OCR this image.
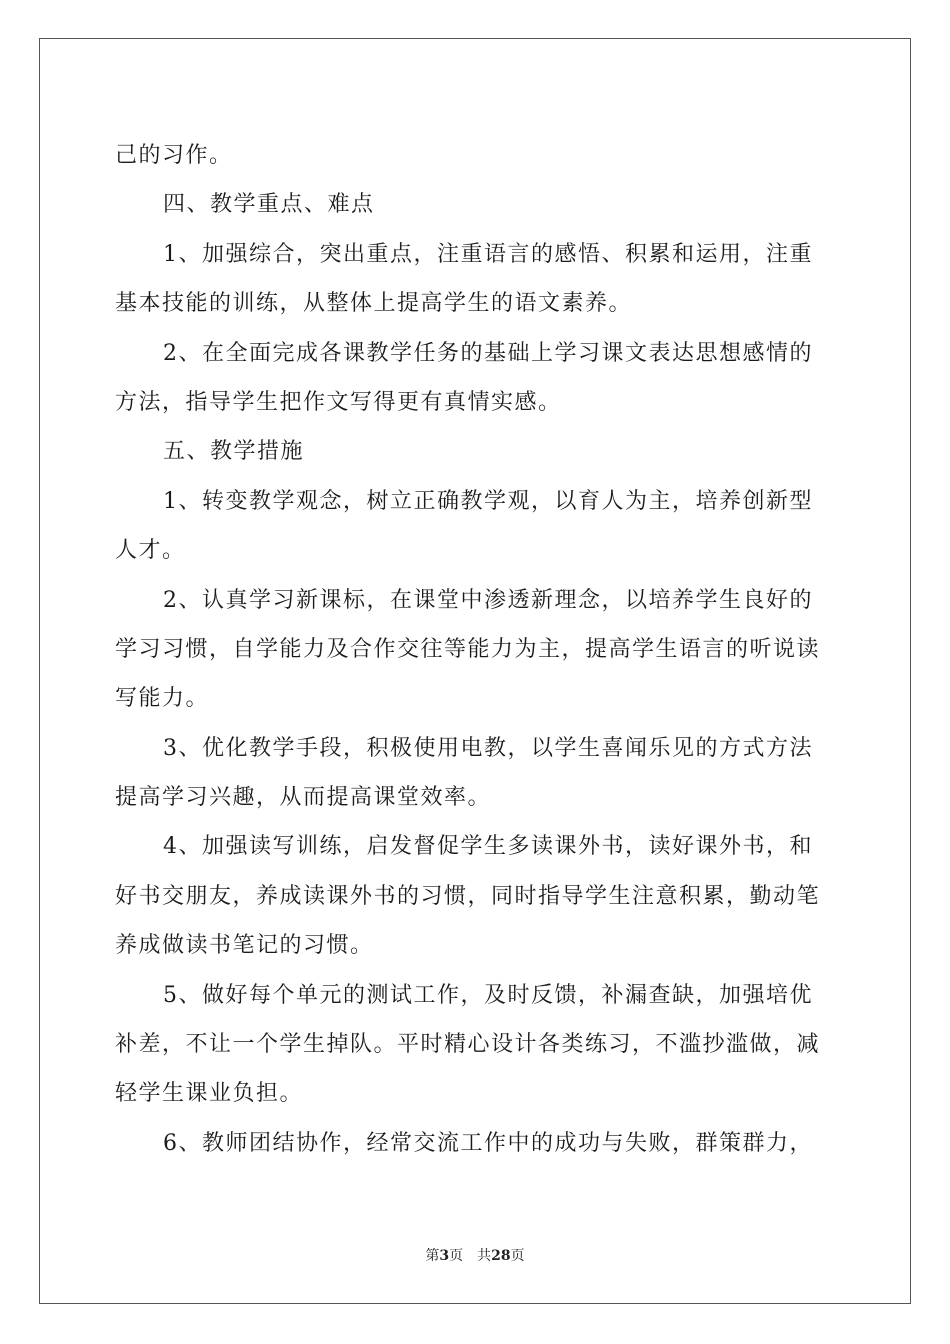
己的习作。
四、教学重点、难点
1、加强综合，突出重点，注重语言的感悟、积累和运用，注重
基本技能的训练，从整体上提高学生的语文素养。
2、在全面完成各课教学任务的基础上学习课文表达思想感情的
方法，指导学生把作文写得更有真情实感。
五、教学措施
1、转变教学观念，树立正确教学观，以育人为主，培养创新型
人才。
2、认真学习新课标，在课堂中渗透新理念，以培养学生良好的
学习习惯，自学能力及合作交往等能力为主，提高学生语言的听说读
写能力。
3、优化教学手段，积极使用电教，以学生喜闻乐见的方式方法
提高学习兴趣，从而提高课堂效率。
4、加强读写训练，启发督促学生多读课外书，读好课外书，和
好书交朋友，养成读课外书的习惯，同时指导学生注意积累，勤动笔
养成做读书笔记的习惯。
5、做好每个单元的测试工作，及时反馈，补漏查缺，加强培优
补差，不让一个学生掉队。平时精心设计各类练习，不滥抄滥做，减
轻学生课业负担。
6、教师团结协作，经常交流工作中的成功与失败，群策群力，
第3页 共28页
